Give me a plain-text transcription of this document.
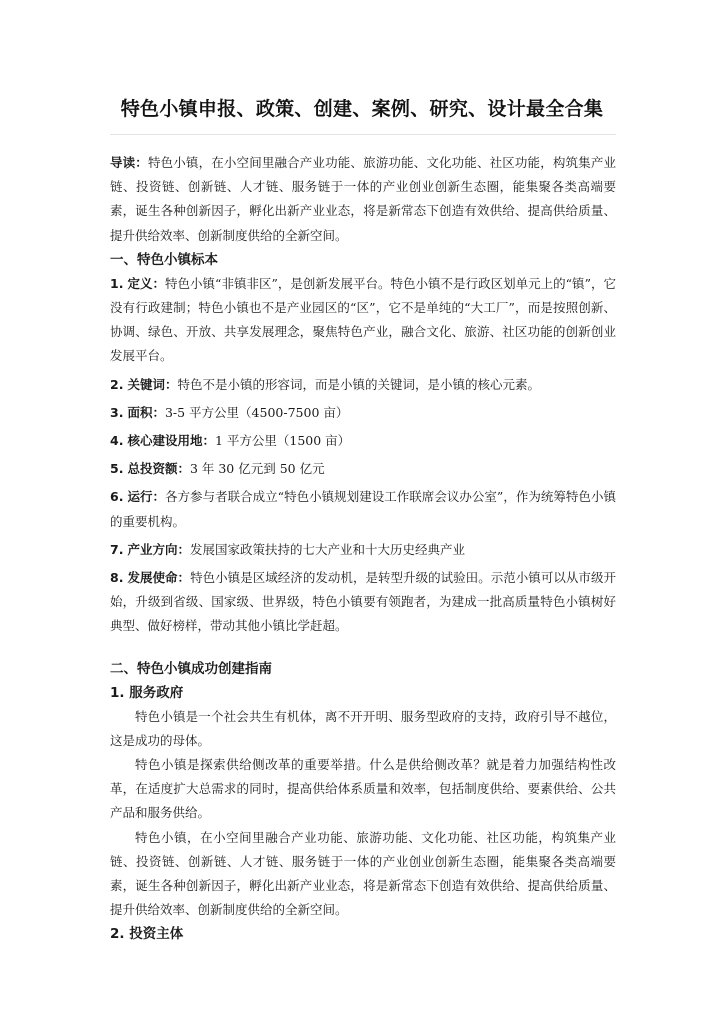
特色小镇申报、政策、创建、案例、研究、设计最全合集

导读：特色小镇，在小空间里融合产业功能、旅游功能、文化功能、社区功能，构筑集产业链、投资链、创新链、人才链、服务链于一体的产业创业创新生态圈，能集聚各类高端要素，诞生各种创新因子，孵化出新产业业态，将是新常态下创造有效供给、提高供给质量、提升供给效率、创新制度供给的全新空间。

一、特色小镇标本

1. 定义：特色小镇“非镇非区”，是创新发展平台。特色小镇不是行政区划单元上的“镇”，它没有行政建制；特色小镇也不是产业园区的“区”，它不是单纯的“大工厂”，而是按照创新、协调、绿色、开放、共享发展理念，聚焦特色产业，融合文化、旅游、社区功能的创新创业发展平台。

2. 关键词：特色不是小镇的形容词，而是小镇的关键词，是小镇的核心元素。

3. 面积：3-5 平方公里（4500-7500 亩）

4. 核心建设用地：1 平方公里（1500 亩）

5. 总投资额：3 年 30 亿元到 50 亿元

6. 运行：各方参与者联合成立“特色小镇规划建设工作联席会议办公室”，作为统筹特色小镇的重要机构。

7. 产业方向：发展国家政策扶持的七大产业和十大历史经典产业

8. 发展使命：特色小镇是区域经济的发动机，是转型升级的试验田。示范小镇可以从市级开始，升级到省级、国家级、世界级，特色小镇要有领跑者，为建成一批高质量特色小镇树好典型、做好榜样，带动其他小镇比学赶超。

二、特色小镇成功创建指南
1. 服务政府

特色小镇是一个社会共生有机体，离不开开明、服务型政府的支持，政府引导不越位，这是成功的母体。

特色小镇是探索供给侧改革的重要举措。什么是供给侧改革？就是着力加强结构性改革，在适度扩大总需求的同时，提高供给体系质量和效率，包括制度供给、要素供给、公共产品和服务供给。

特色小镇，在小空间里融合产业功能、旅游功能、文化功能、社区功能，构筑集产业链、投资链、创新链、人才链、服务链于一体的产业创业创新生态圈，能集聚各类高端要素，诞生各种创新因子，孵化出新产业业态，将是新常态下创造有效供给、提高供给质量、提升供给效率、创新制度供给的全新空间。

2. 投资主体
